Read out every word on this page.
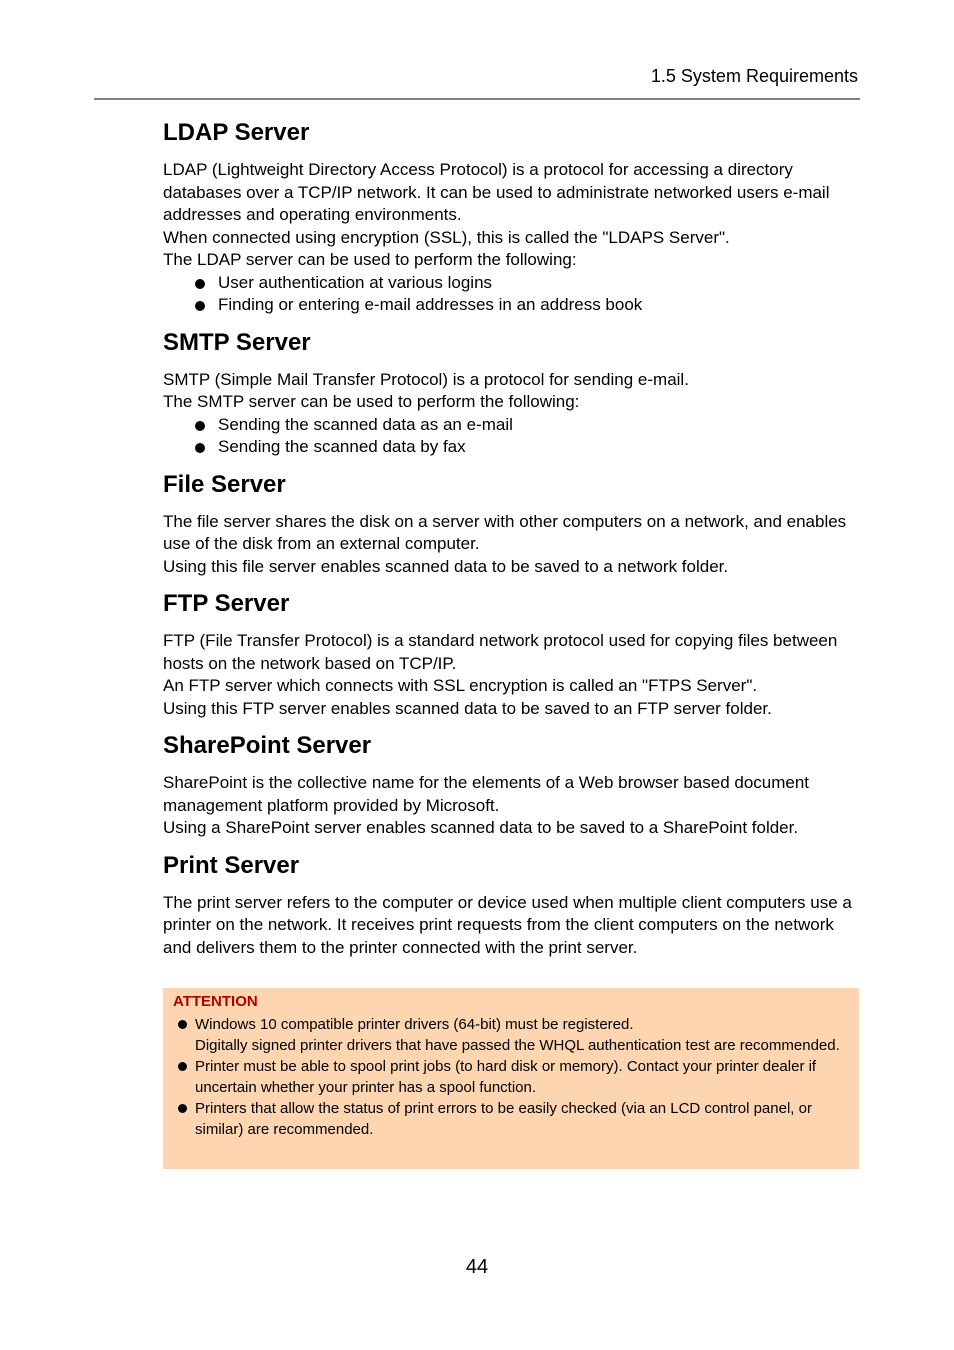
1.5 System Requirements
LDAP Server

LDAP (Lightweight Directory Access Protocol) is a protocol for accessing a directory databases over a TCP/IP network. It can be used to administrate networked users e-mail addresses and operating environments.

When connected using encryption (SSL), this is called the "LDAPS Server".

The LDAP server can be used to perform the following:

User authentication at various logins
Finding or entering e-mail addresses in an address book
SMTP Server

SMTP (Simple Mail Transfer Protocol) is a protocol for sending e-mail.

The SMTP server can be used to perform the following:

Sending the scanned data as an e-mail
Sending the scanned data by fax
File Server

The file server shares the disk on a server with other computers on a network, and enables use of the disk from an external computer.

Using this file server enables scanned data to be saved to a network folder.

FTP Server

FTP (File Transfer Protocol) is a standard network protocol used for copying files between hosts on the network based on TCP/IP.

An FTP server which connects with SSL encryption is called an "FTPS Server".

Using this FTP server enables scanned data to be saved to an FTP server folder.

SharePoint Server

SharePoint is the collective name for the elements of a Web browser based document management platform provided by Microsoft.

Using a SharePoint server enables scanned data to be saved to a SharePoint folder.

Print Server

The print server refers to the computer or device used when multiple client computers use a printer on the network. It receives print requests from the client computers on the network and delivers them to the printer connected with the print server.

ATTENTION
Windows 10 compatible printer drivers (64-bit) must be registered.
Digitally signed printer drivers that have passed the WHQL authentication test are recommended.
Printer must be able to spool print jobs (to hard disk or memory). Contact your printer dealer if uncertain whether your printer has a spool function.
Printers that allow the status of print errors to be easily checked (via an LCD control panel, or similar) are recommended.
44
